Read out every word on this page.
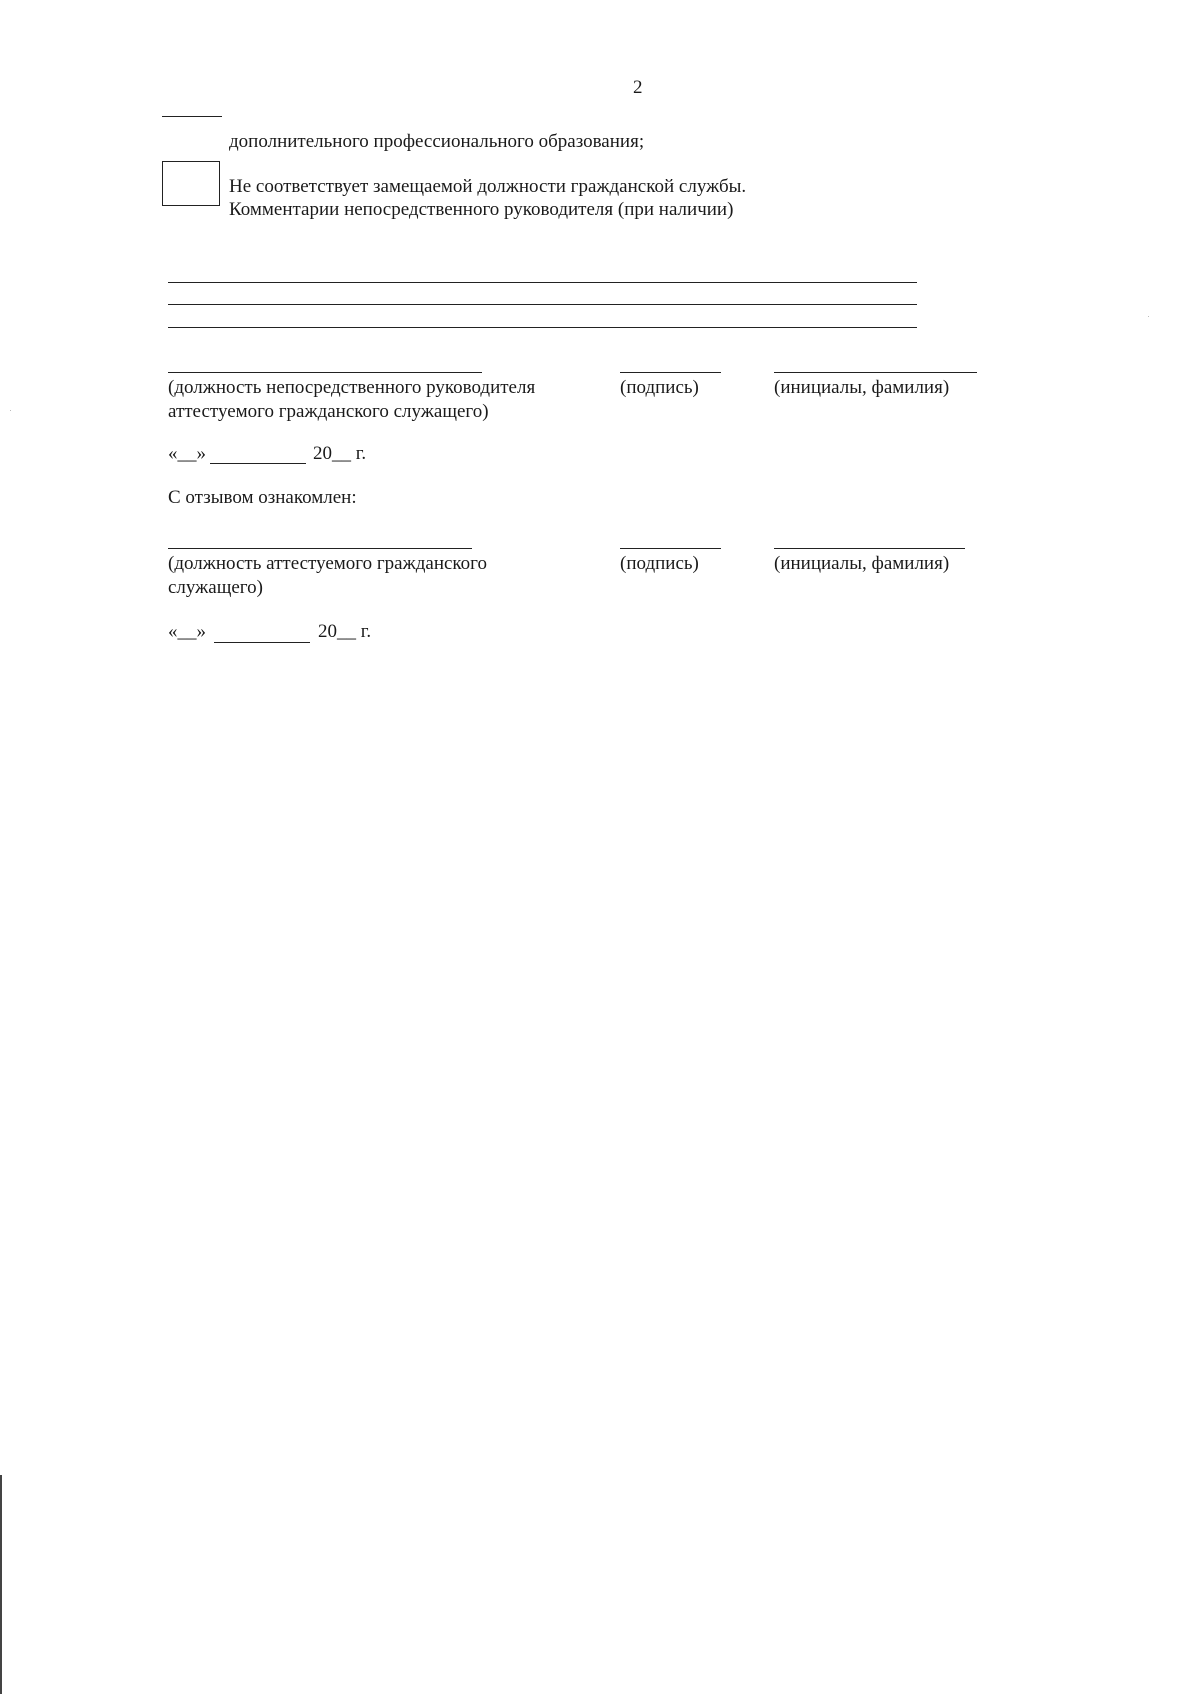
2
дополнительного профессионального образования;
Не соответствует замещаемой должности гражданской службы.
Комментарии непосредственного руководителя (при наличии)
(должность непосредственного руководителя
аттестуемого гражданского служащего)
(подпись)	(инициалы, фамилия)
«__»	20__ г.
С отзывом ознакомлен:
(должность аттестуемого гражданского
служащего)
(подпись)	(инициалы, фамилия)
«__»	20__ г.
